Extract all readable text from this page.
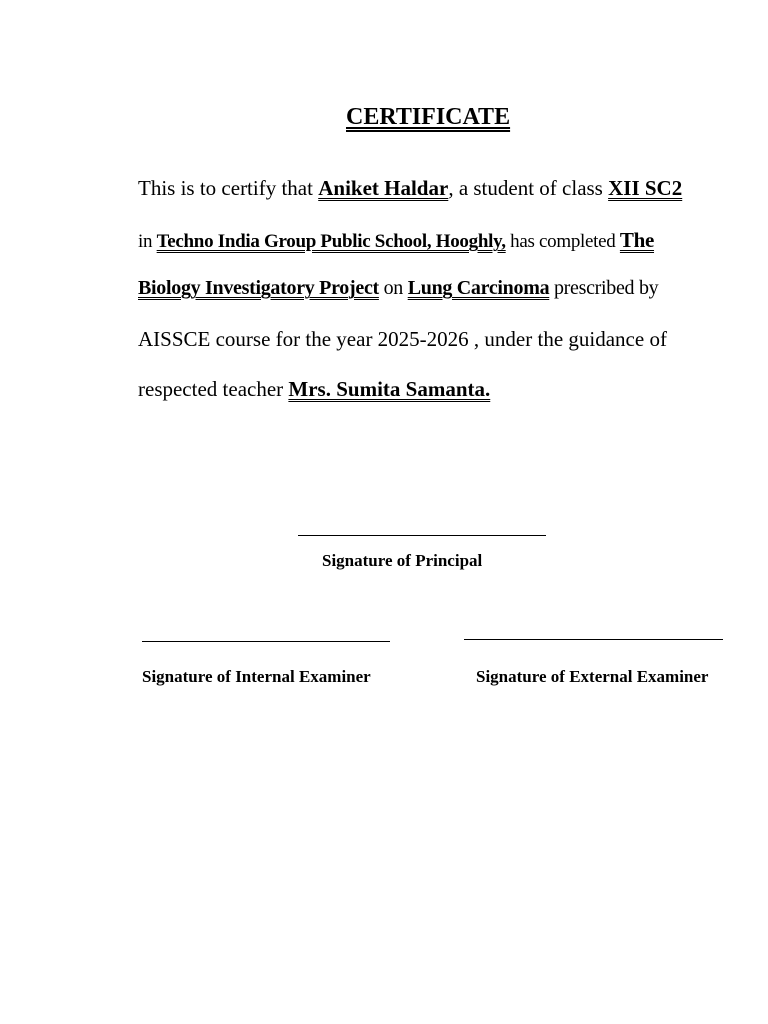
CERTIFICATE
This is to certify that Aniket Haldar, a student of class XII SC2
in Techno India Group Public School, Hooghly, has completed The
Biology Investigatory Project on Lung Carcinoma prescribed by
AISSCE course for the year 2025-2026 , under the guidance of
respected teacher Mrs. Sumita Samanta.
Signature of Principal
Signature of Internal Examiner	Signature of External Examiner
